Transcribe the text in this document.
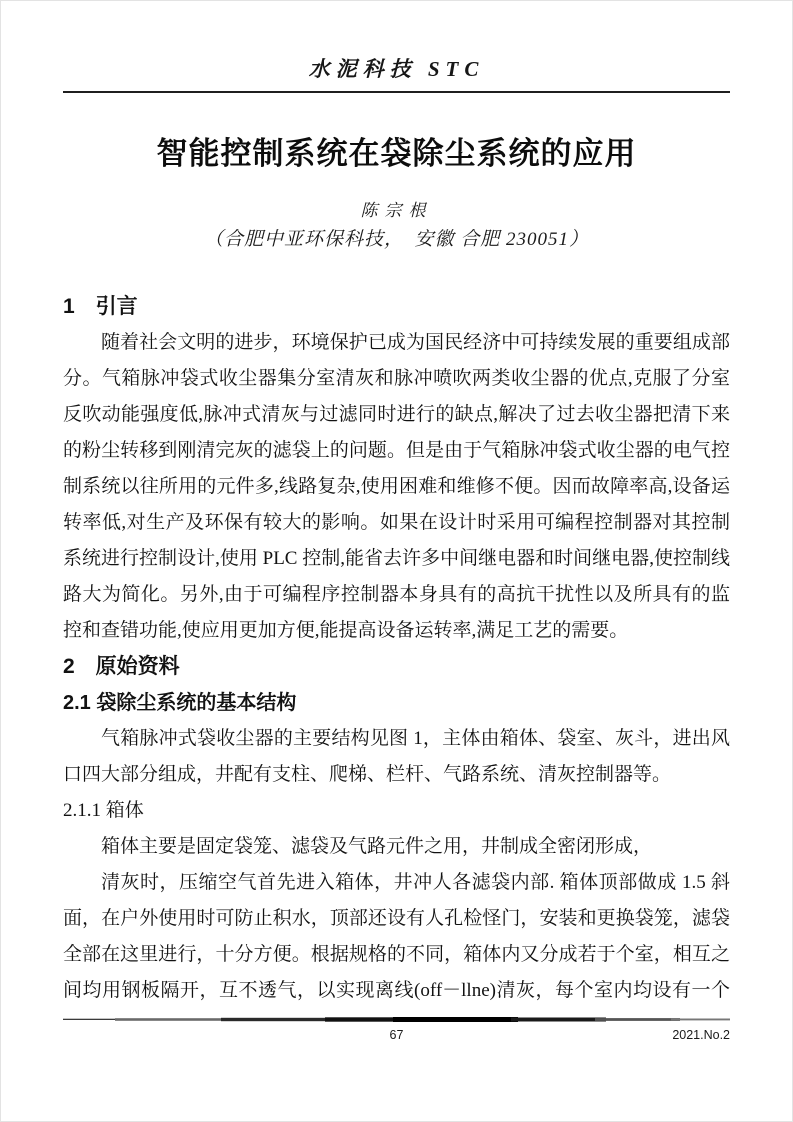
水泥科技 STC
智能控制系统在袋除尘系统的应用
陈宗根
（合肥中亚环保科技，　安徽 合肥 230051）
1　引言

随着社会文明的进步，环境保护已成为国民经济中可持续发展的重要组成部分。气箱脉冲袋式收尘器集分室清灰和脉冲喷吹两类收尘器的优点,克服了分室反吹动能强度低,脉冲式清灰与过滤同时进行的缺点,解决了过去收尘器把清下来的粉尘转移到刚清完灰的滤袋上的问题。但是由于气箱脉冲袋式收尘器的电气控制系统以往所用的元件多,线路复杂,使用困难和维修不便。因而故障率高,设备运转率低,对生产及环保有较大的影响。如果在设计时采用可编程控制器对其控制系统进行控制设计,使用 PLC 控制,能省去许多中间继电器和时间继电器,使控制线路大为简化。另外,由于可编程序控制器本身具有的高抗干扰性以及所具有的监控和查错功能,使应用更加方便,能提高设备运转率,满足工艺的需要。

2　原始资料
2.1 袋除尘系统的基本结构

气箱脉冲式袋收尘器的主要结构见图 1，主体由箱体、袋室、灰斗，进出风口四大部分组成，井配有支柱、爬梯、栏杆、气路系统、清灰控制器等。

2.1.1 箱体

箱体主要是固定袋笼、滤袋及气路元件之用，井制成全密闭形成，

清灰时，压缩空气首先进入箱体，井冲人各滤袋内部. 箱体顶部做成 1.5 斜面，在户外使用时可防止积水，顶部还设有人孔检怪门，安装和更换袋笼，滤袋全部在这里进行，十分方便。根据规格的不同，箱体内又分成若于个室，相互之间均用钢板隔开，互不透气，以实现离线(off－llne)清灰，每个室内均设有一个

67	2021.No.2
